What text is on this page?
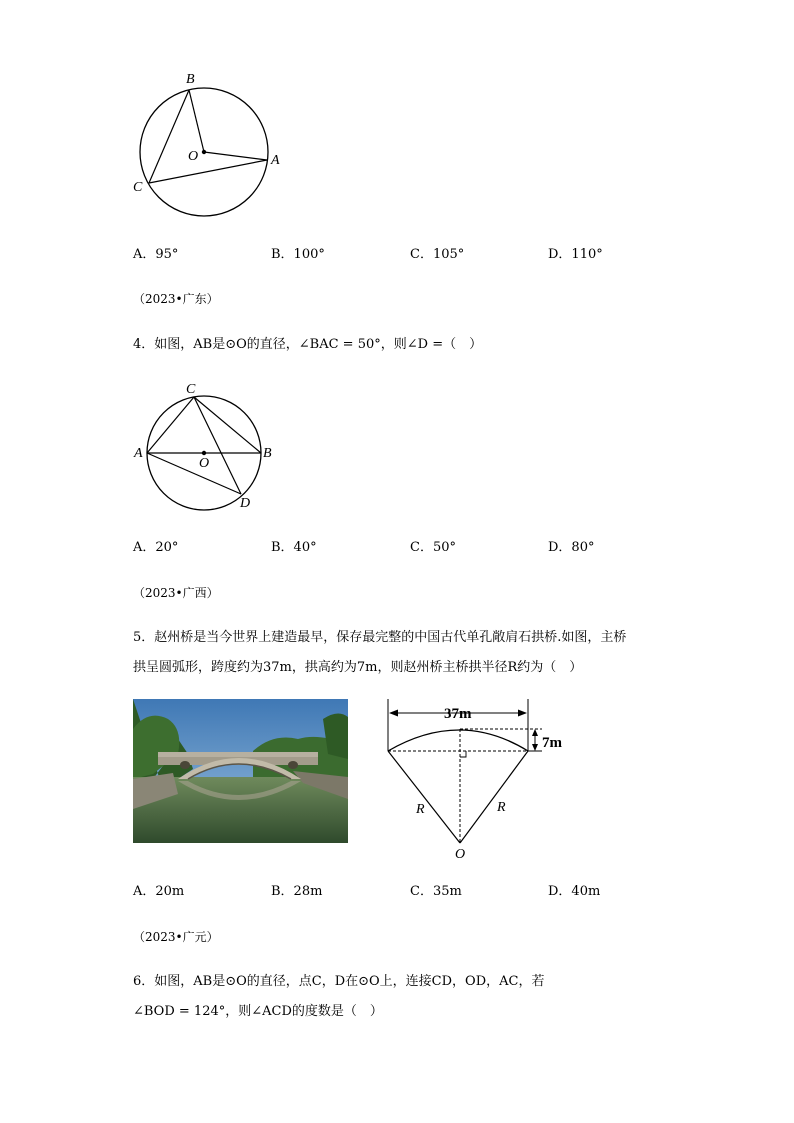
B
O	A
C
A．95°	B．100°	C．105°	D．110°
（2023•广东）
4．如图，AB是⊙O的直径，∠BAC = 50°，则∠D =（　）
C
A	B
O
D
A．20°	B．40°	C．50°	D．80°
（2023•广西）
5．赵州桥是当今世界上建造最早，保存最完整的中国古代单孔敞肩石拱桥.如图，主桥
拱呈圆弧形，跨度约为37m，拱高约为7m，则赵州桥主桥拱半径R约为（　）
37m
7m
R	R
O
A．20m	B．28m	C．35m	D．40m
（2023•广元）
6．如图，AB是⊙O的直径，点C，D在⊙O上，连接CD，OD，AC，若
∠BOD = 124°，则∠ACD的度数是（　）
